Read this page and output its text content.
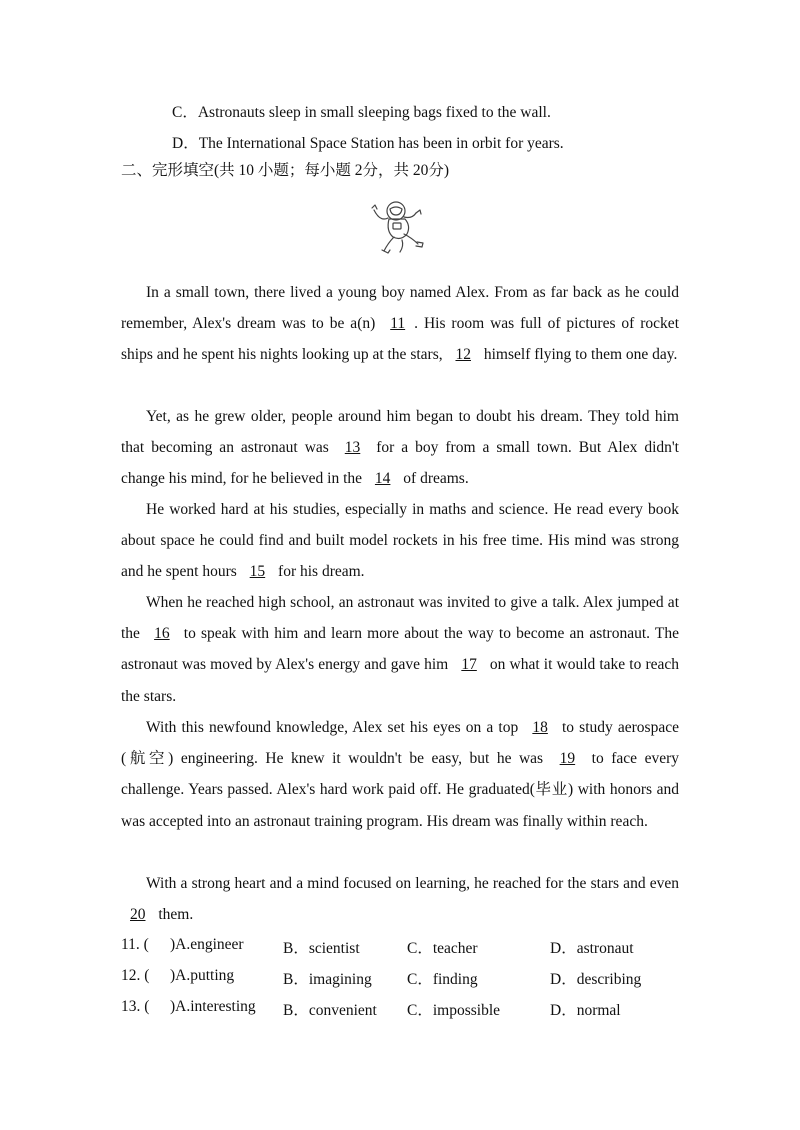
C．Astronauts sleep in small sleeping bags fixed to the wall.
D．The International Space Station has been in orbit for years.
二、完形填空(共 10 小题；每小题 2分，共 20分)
In a small town, there lived a young boy named Alex. From as far back as he could remember, Alex's dream was to be a(n) 11 . His room was full of pictures of rocket ships and he spent his nights looking up at the stars, 12 himself flying to them one day.
Yet, as he grew older, people around him began to doubt his dream. They told him that becoming an astronaut was 13 for a boy from a small town. But Alex didn't change his mind, for he believed in the 14 of dreams.
He worked hard at his studies, especially in maths and science. He read every book about space he could find and built model rockets in his free time. His mind was strong and he spent hours 15 for his dream.
When he reached high school, an astronaut was invited to give a talk. Alex jumped at the 16 to speak with him and learn more about the way to become an astronaut. The astronaut was moved by Alex's energy and gave him 17 on what it would take to reach the stars.
With this newfound knowledge, Alex set his eyes on a top 18 to study aerospace (航空) engineering. He knew it wouldn't be easy, but he was 19 to face every challenge. Years passed. Alex's hard work paid off. He graduated(毕业) with honors and was accepted into an astronaut training program. His dream was finally within reach.
With a strong heart and a mind focused on learning, he reached for the stars and even 20 them.
11. ( )A.engineer	B．scientist	C．teacher	D．astronaut
12. ( )A.putting	B．imagining C．finding	D．describing
13. ( )A.interesting B．convenient C．impossible	D．normal
